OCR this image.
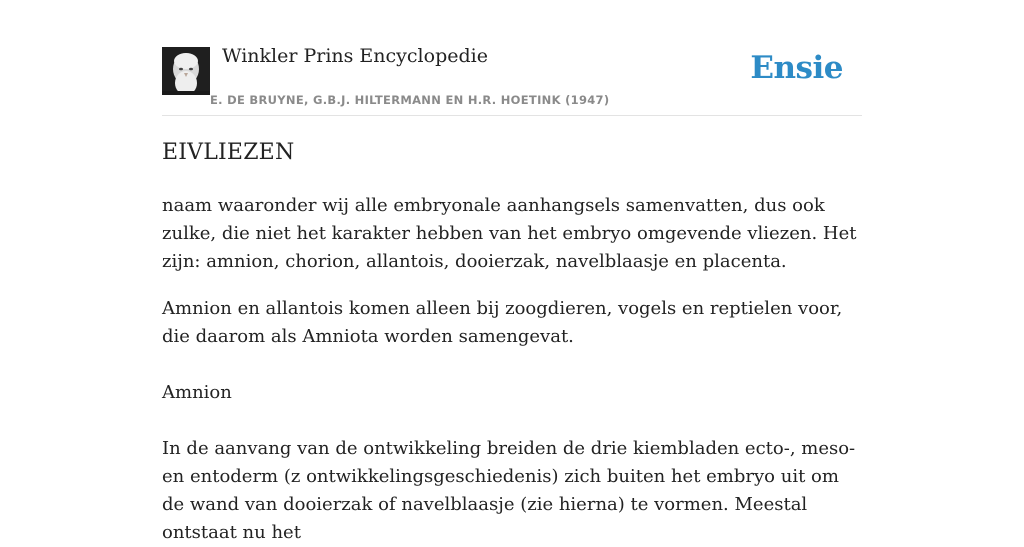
Winkler Prins Encyclopedie
E. DE BRUYNE, G.B.J. HILTERMANN EN H.R. HOETINK (1947)
Ensie
EIVLIEZEN

naam waaronder wij alle embryonale aanhangsels samenvatten, dus ook zulke, die niet het karakter hebben van het embryo omgevende vliezen. Het zijn: amnion, chorion, allantois, dooierzak, navelblaasje en placenta.

Amnion en allantois komen alleen bij zoogdieren, vogels en reptielen voor, die daarom als Amniota worden samengevat.

Amnion

In de aanvang van de ontwikkeling breiden de drie kiembladen ecto-, meso- en entoderm (z ontwikkelingsgeschiedenis) zich buiten het embryo uit om de wand van dooierzak of navelblaasje (zie hierna) te vormen. Meestal ontstaat nu het
